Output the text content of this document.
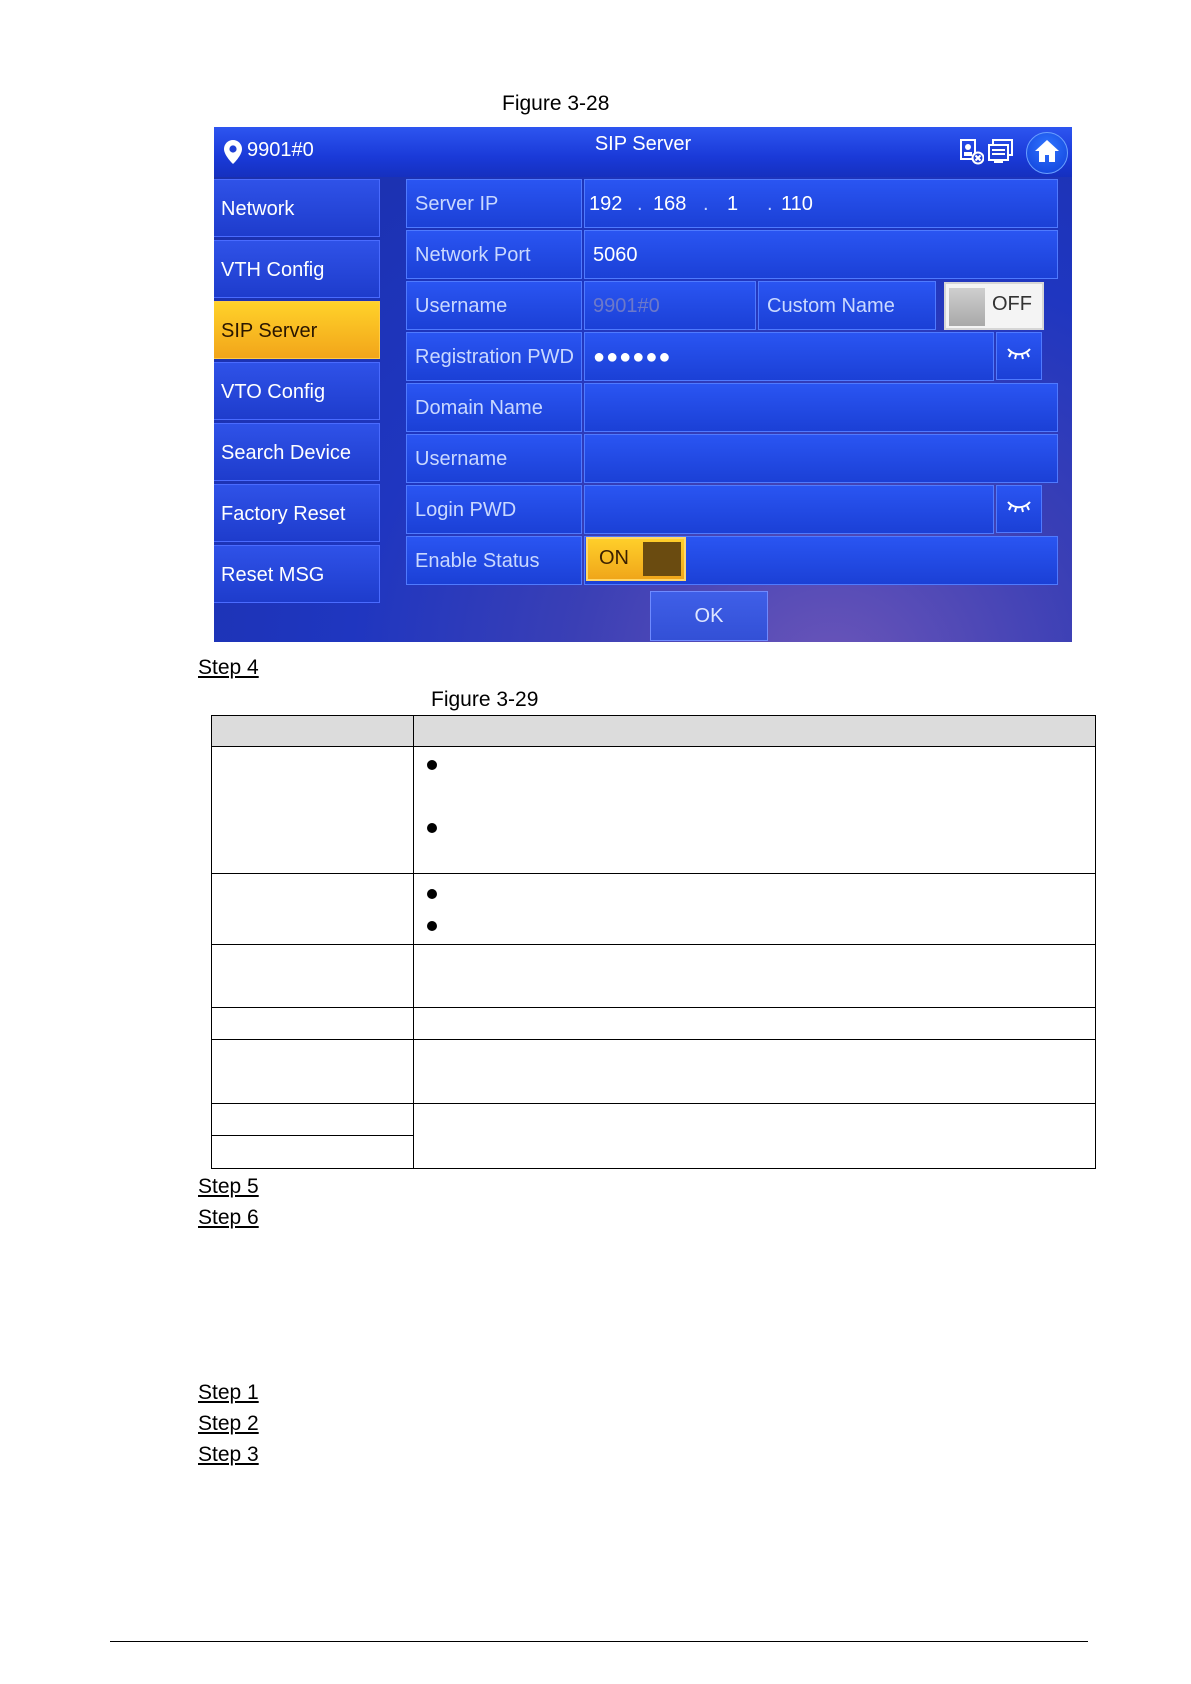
Figure 3-28
9901#0	SIP Server
Network
VTH Config
SIP Server
VTO Config
Search Device
Factory Reset
Reset MSG
Server IP	192 . 168 . 1 . 110
Network Port	5060
Username	9901#0	Custom Name	OFF
Registration PWD ●●●●●●
Domain Name
Username
Login PWD
Enable Status	ON
OK
Step 4
Figure 3-29
Step 5
Step 6
Step 1
Step 2
Step 3
